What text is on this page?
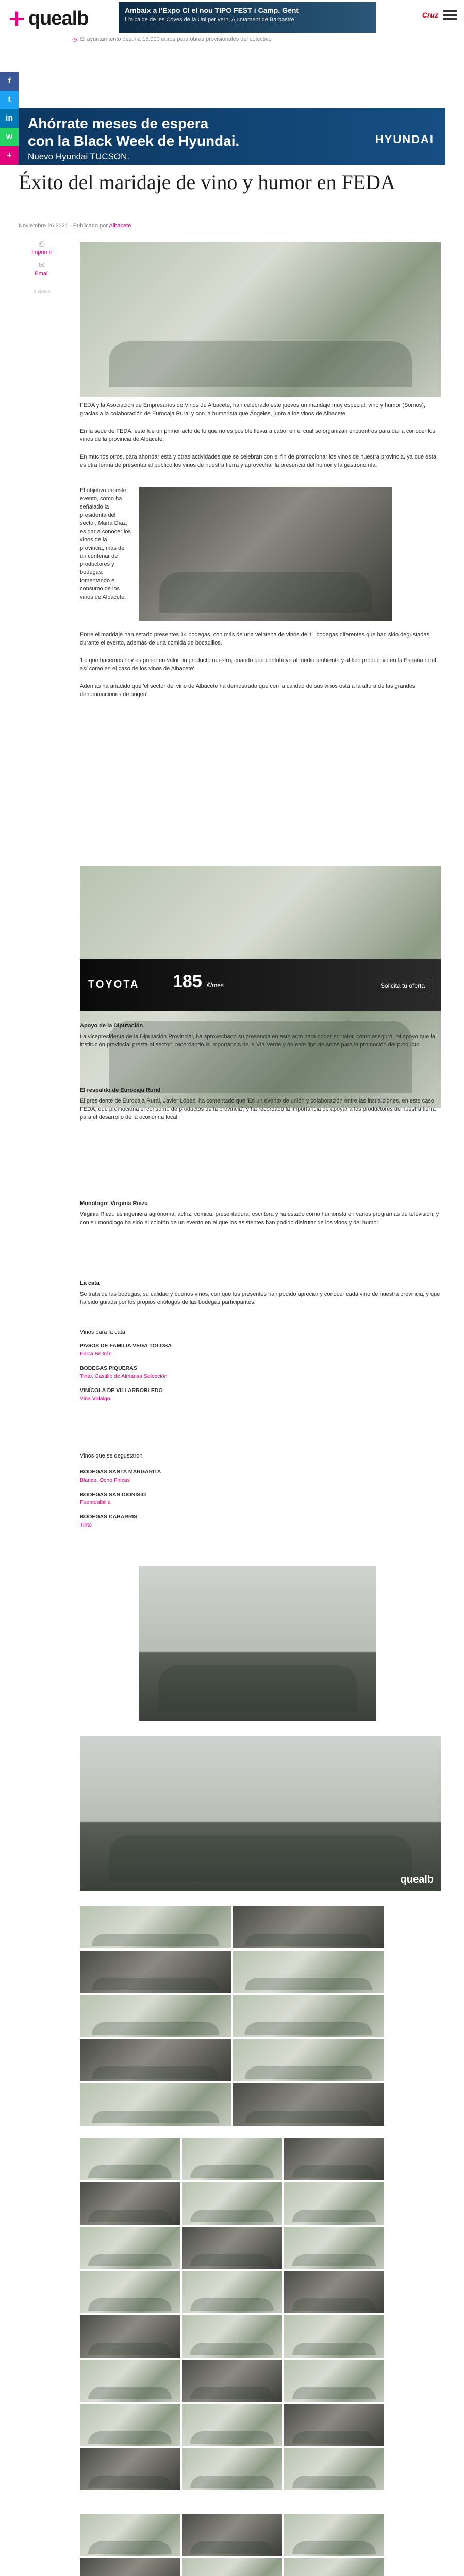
+ quealb	Ambaix a l'Expo Cl el nou TIPO FEST i Camp. Gent
i l'alcalde de les Coves de la Uni per vern, Ajuntament de Barbastre
Cruz
◷ El ayuntamiento destina 15.000 euros para obras provisionales del colectivo
f
t
in
w
+
Ahórrate meses de espera
con la Black Week de Hyundai.
Nuevo Hyundai TUCSON.
HYUNDAI
Éxito del maridaje de vino y humor en FEDA
Noviembre 26 2021 · Publicado por Albacete
⎙
Imprimir
✉
Email
0 views

FEDA y la Asociación de Empresarios de Vinos de Albacete, han celebrado este jueves un maridaje muy especial, vino y humor (Somos), gracias a la colaboración de Eurocaja Rural y con la humorista que Ángeles, junto a los vinos de Albacete.

En la sede de FEDA, este fue un primer acto de lo que no es posible llevar a cabo, en el cual se organizan encuentros para dar a conocer los vinos de la provincia de Albacete.

En muchos otros, para ahondar esta y otras actividades que se celebran con el fin de promocionar los vinos de nuestra provincia, ya que esta es otra forma de presentar al público los vinos de nuestra tierra y aprovechar la presencia del humor y la gastronomía.

El objetivo de este evento, como ha señalado la presidenta del sector, María Díaz, es dar a conocer los vinos de la provincia, más de un centenar de productores y bodegas, fomentando el consumo de los vinos de Albacete.

Entre el maridaje han estado presentes 14 bodegas, con más de una veintena de vinos de 11 bodegas diferentes que han sido degustadas durante el evento, además de una comida de bocadillos.

'Lo que hacemos hoy es poner en valor un producto nuestro, cuando que contribuye al medio ambiente y al tipo productivo en la España rural, así como en el caso de los vinos de Albacete'.

Además ha añadido que 'el sector del vino de Albacete ha demostrado que con la calidad de sus vinos está a la altura de las grandes denominaciones de origen'.

TOYOTA 185 €/mes	Solicita tu oferta
Apoyo de la Diputación

La vicepresidenta de la Diputación Provincial, ha aprovechado su presencia en este acto para poner en valor, como aseguró, 'el apoyo que la institución provincial presta al sector', recordando la importancia de la Vía Verde y de este tipo de actos para la promoción del producto.

El respaldo de Eurocaja Rural

El presidente de Eurocaja Rural, Javier López, ha comentado que 'Es un evento de unión y colaboración entre las instituciones, en este caso FEDA, que promociona el consumo de productos de la provincia', y ha recordado la importancia de apoyar a los productores de nuestra tierra para el desarrollo de la economía local.

Monólogo: Virginia Riezu

Virginia Riezu es ingeniera agrónoma, actriz, cómica, presentadora, escritora y ha estado como humorista en varios programas de televisión, y con su monólogo ha sido el colofón de un evento en el que los asistentes han podido disfrutar de los vinos y del humor.

La cata

Se trata de las bodegas, su calidad y buenos vinos, con que los presentes han podido apreciar y conocer cada vino de nuestra provincia, y que ha sido guiada por los propios enólogos de las bodegas participantes.

Vinos para la cata
PAGOS DE FAMILIA VEGA TOLOSA
Finca Beltrán
BODEGAS PIQUERAS
Tinto, Castillo de Almansa Selección
VINÍCOLA DE VILLARROBLEDO
Viña Vidalgo
Vinos que se degustaron
BODEGAS SANTA MARGARITA
Blanco, Ocho Fincas
BODEGAS SAN DIONISIO
Fuentealbilla
BODEGAS CABARRIS
Tinto
quealb
